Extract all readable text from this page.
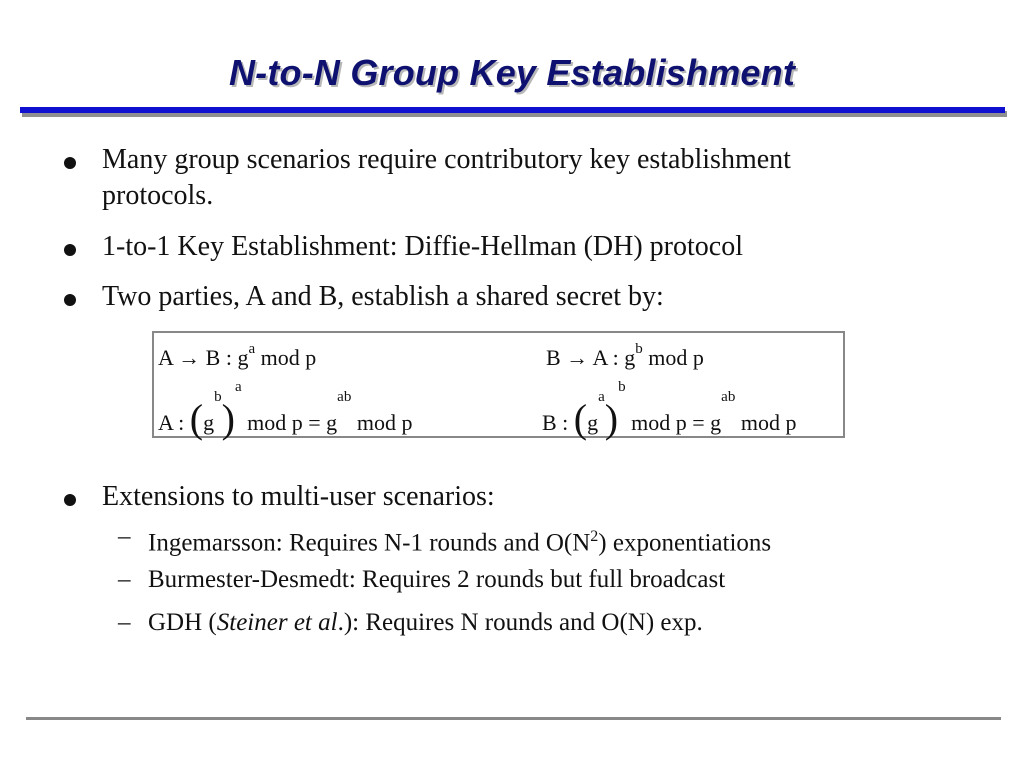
N-to-N Group Key Establishment
Many group scenarios require contributory key establishment
protocols.
1-to-1 Key Establishment: Diffie-Hellman (DH) protocol
Two parties, A and B, establish a shared secret by:
A → B : $g^a$ mod p	B → A : $g^b$ mod p
A : $(g^b)^a$ mod $p = g^{ab}$ mod p	B : $(g^a)^b$ mod $p = g^{ab}$ mod p
Extensions to multi-user scenarios:
– Ingemarsson: Requires N-1 rounds and $O(N^2)$ exponentiations
– Burmester-Desmedt: Requires 2 rounds but full broadcast
– GDH (Steiner et al.): Requires N rounds and O(N) exp.
